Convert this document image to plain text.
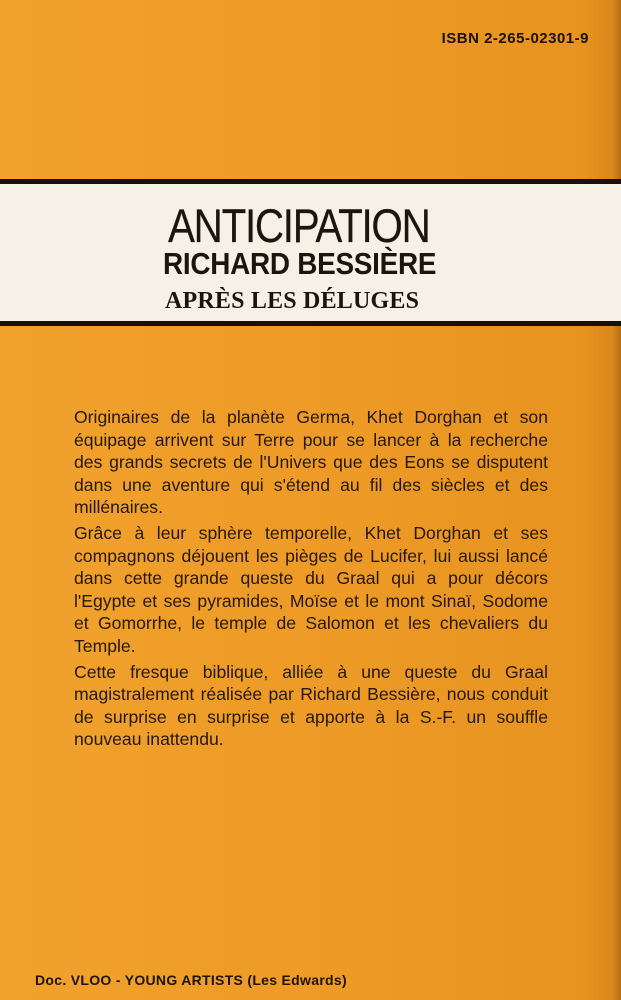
ISBN 2-265-02301-9
ANTICIPATION
RICHARD BESSIÈRE
APRÈS LES DÉLUGES

Originaires de la planète Germa, Khet Dorghan et son équipage arrivent sur Terre pour se lancer à la recherche des grands secrets de l'Univers que des Eons se disputent dans une aventure qui s'étend au fil des siècles et des millénaires.

Grâce à leur sphère temporelle, Khet Dorghan et ses compagnons déjouent les pièges de Lucifer, lui aussi lancé dans cette grande queste du Graal qui a pour décors l'Egypte et ses pyramides, Moïse et le mont Sinaï, Sodome et Gomorrhe, le temple de Salomon et les chevaliers du Temple.

Cette fresque biblique, alliée à une queste du Graal magistralement réalisée par Richard Bessière, nous conduit de surprise en surprise et apporte à la S.-F. un souffle nouveau inattendu.

Doc. VLOO - YOUNG ARTISTS (Les Edwards)
